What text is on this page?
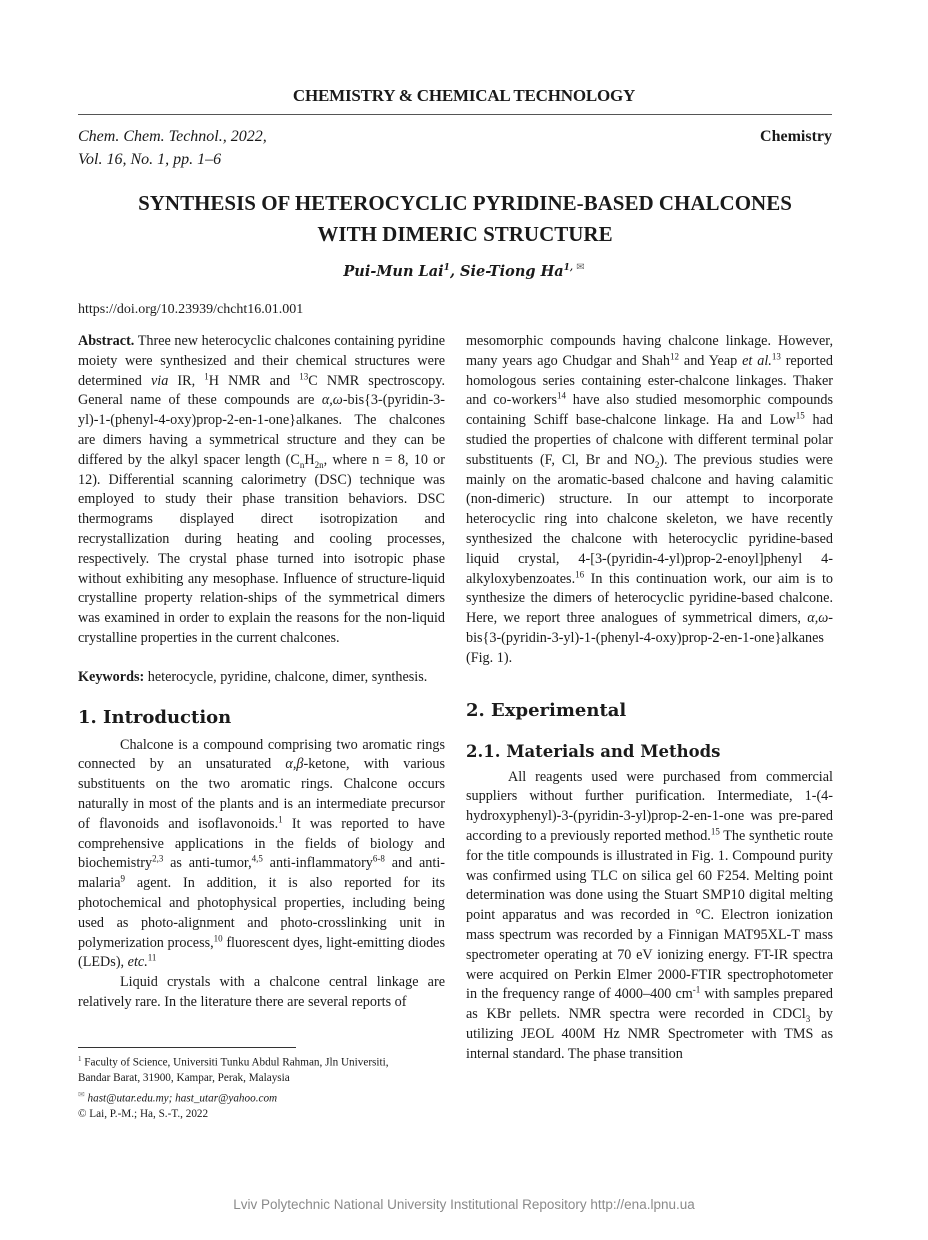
CHEMISTRY & CHEMICAL TECHNOLOGY
Chem. Chem. Technol., 2022,
Vol. 16, No. 1, pp. 1–6
Chemistry
SYNTHESIS OF HETEROCYCLIC PYRIDINE-BASED CHALCONES
WITH DIMERIC STRUCTURE
Pui-Mun Lai$^1$, Sie-Tiong $Ha^{1,}$ ✉
https://doi.org/10.23939/chcht16.01.001

Abstract. Three new heterocyclic chalcones containing pyridine moiety were synthesized and their chemical structures were determined via IR, $^1$H NMR and $^{13}$C NMR spectroscopy. General name of these compounds are α,ω-bis{3-(pyridin-3-yl)-1-(phenyl-4-oxy)prop-2-en-1-one}alkanes. The chalcones are dimers having a symmetrical structure and they can be differed by the alkyl spacer length ($C_nH_{2n}$, where n = 8, 10 or 12). Differential scanning calorimetry (DSC) technique was employed to study their phase transition behaviors. DSC thermograms displayed direct isotropization and recrystallization during heating and cooling processes, respectively. The crystal phase turned into isotropic phase without exhibiting any mesophase. Influence of structure-liquid crystalline property relation-ships of the symmetrical dimers was examined in order to explain the reasons for the non-liquid crystalline properties in the current chalcones.

Keywords: heterocycle, pyridine, chalcone, dimer, synthesis.

1. Introduction

Chalcone is a compound comprising two aromatic rings connected by an unsaturated α,β-ketone, with various substituents on the two aromatic rings. Chalcone occurs naturally in most of the plants and is an intermediate precursor of flavonoids and isoflavonoids.$^1$ It was reported to have comprehensive applications in the fields of biology and biochemistry$^{2,3}$ as anti-tumor,$^{4,5}$ anti-inflammatory$^{6-8}$ and anti-malaria$^9$ agent. In addition, it is also reported for its photochemical and photophysical properties, including being used as photo-alignment and photo-crosslinking unit in polymerization process,$^{10}$ fluorescent dyes, light-emitting diodes (LEDs), etc.$^{11}$

Liquid crystals with a chalcone central linkage are relatively rare. In the literature there are several reports of

mesomorphic compounds having chalcone linkage. However, many years ago Chudgar and Shah$^{12}$ and Yeap et al.$^{13}$ reported homologous series containing ester-chalcone linkages. Thaker and co-workers$^{14}$ have also studied mesomorphic compounds containing Schiff base-chalcone linkage. Ha and Low$^{15}$ had studied the properties of chalcone with different terminal polar substituents (F, Cl, Br and $NO_2$). The previous studies were mainly on the aromatic-based chalcone and having calamitic (non-dimeric) structure. In our attempt to incorporate heterocyclic ring into chalcone skeleton, we have recently synthesized the chalcone with heterocyclic pyridine-based liquid crystal, 4-[3-(pyridin-4-yl)prop-2-enoyl]phenyl 4-alkyloxybenzoates.$^{16}$ In this continuation work, our aim is to synthesize the dimers of heterocyclic pyridine-based chalcone. Here, we report three analogues of symmetrical dimers, α,ω-bis{3-(pyridin-3-yl)-1-(phenyl-4-oxy)prop-2-en-1-one}alkanes (Fig. 1).

2. Experimental
2.1. Materials and Methods

All reagents used were purchased from commercial suppliers without further purification. Intermediate, 1-(4-hydroxyphenyl)-3-(pyridin-3-yl)prop-2-en-1-one was pre-pared according to a previously reported method.$^{15}$ The synthetic route for the title compounds is illustrated in Fig. 1. Compound purity was confirmed using TLC on silica gel 60 F254. Melting point determination was done using the Stuart SMP10 digital melting point apparatus and was recorded in °C. Electron ionization mass spectrum was recorded by a Finnigan MAT95XL-T mass spectrometer operating at 70 eV ionizing energy. FT-IR spectra were acquired on Perkin Elmer 2000-FTIR spectrophotometer in the frequency range of 4000–400 $cm^{-1}$ with samples prepared as KBr pellets. NMR spectra were recorded in CDCl$_3$ by utilizing JEOL 400M Hz NMR Spectrometer with TMS as internal standard. The phase transition

$^1$ Faculty of Science, Universiti Tunku Abdul Rahman, Jln Universiti,
Bandar Barat, 31900, Kampar, Perak, Malaysia
✉ hast@utar.edu.my; hast_utar@yahoo.com
© Lai, P.-M.; Ha, S.-T., 2022
Lviv Polytechnic National University Institutional Repository http://ena.lpnu.ua
